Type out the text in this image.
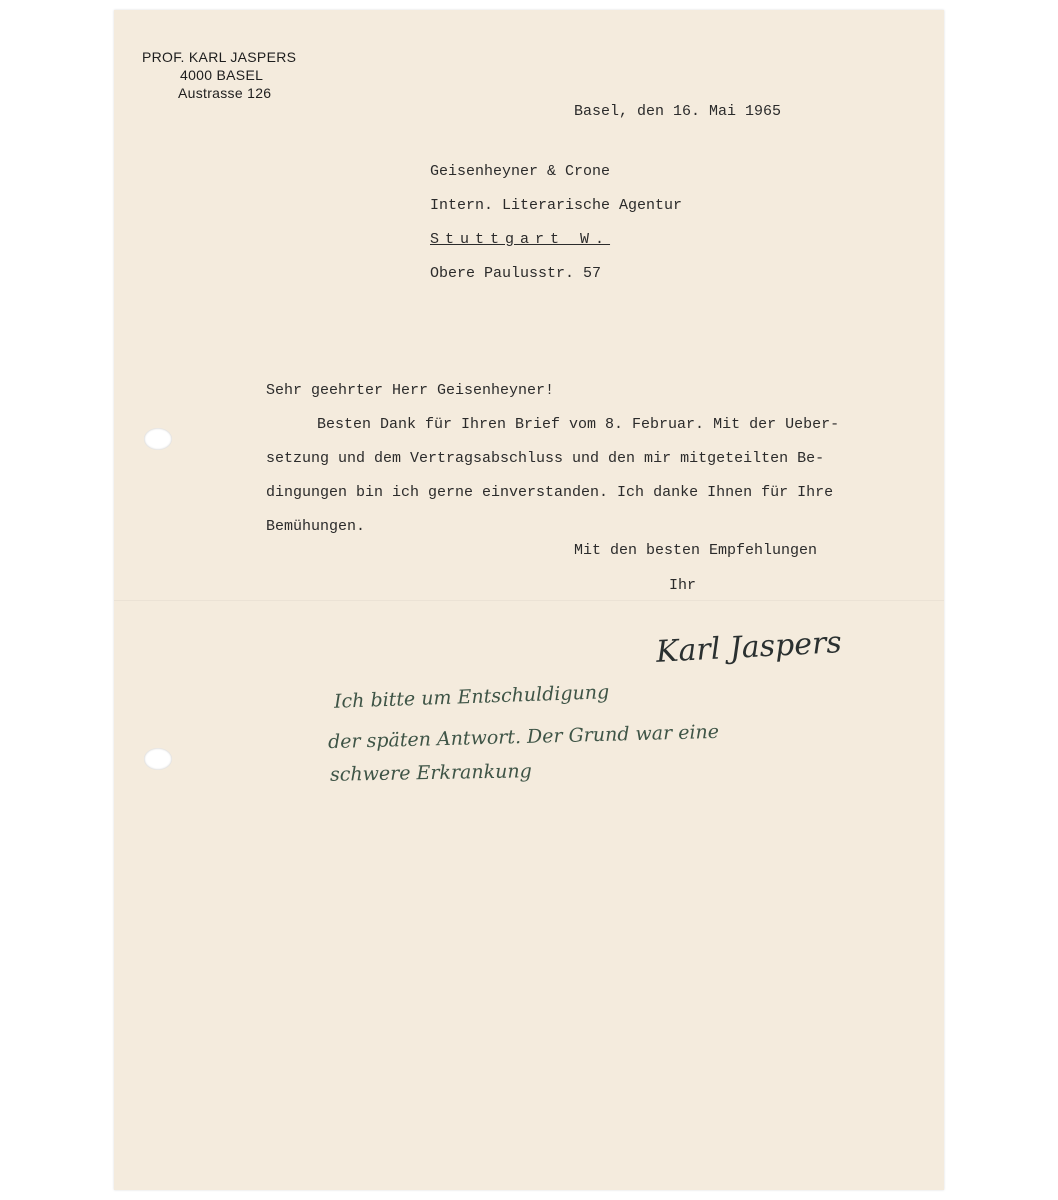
PROF. KARL JASPERS
4000 BASEL
Austrasse 126
Basel, den 16. Mai 1965
Geisenheyner & Crone
Intern. Literarische Agentur
Stuttgart W.
Obere Paulusstr. 57
Sehr geehrter Herr Geisenheyner!
Besten Dank für Ihren Brief vom 8. Februar. Mit der Ueber-
setzung und dem Vertragsabschluss und den mir mitgeteilten Be-
dingungen bin ich gerne einverstanden. Ich danke Ihnen für Ihre
Bemühungen.
Mit den besten Empfehlungen
Ihr
Karl Jaspers
Ich bitte um Entschuldigung
der späten Antwort. Der Grund war eine
schwere Erkrankung
